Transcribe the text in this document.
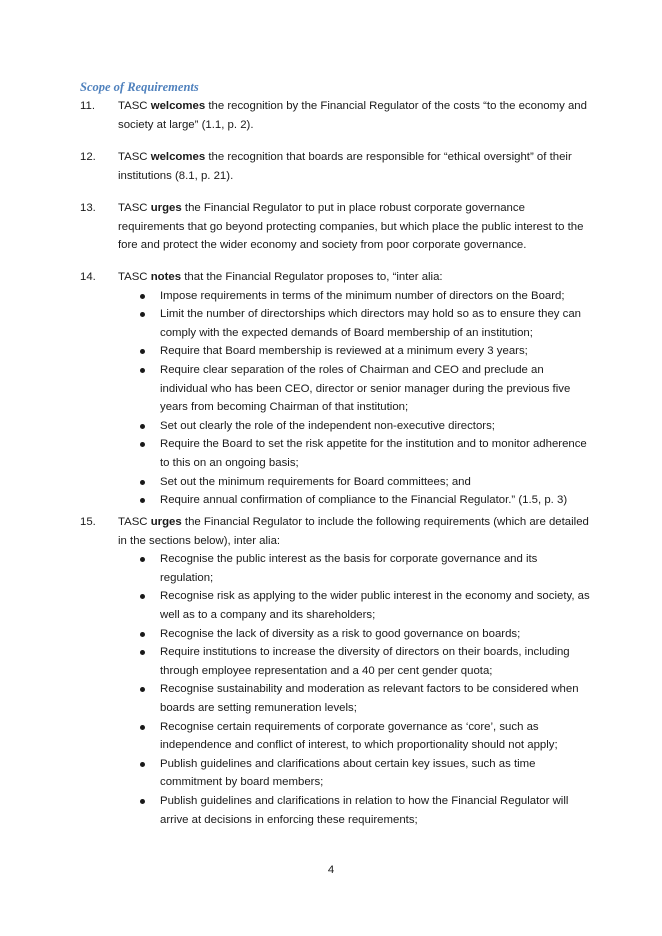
Scope of Requirements
11.	TASC welcomes the recognition by the Financial Regulator of the costs “to the economy and society at large” (1.1, p. 2).
12.	TASC welcomes the recognition that boards are responsible for “ethical oversight” of their institutions (8.1, p. 21).
13.	TASC urges the Financial Regulator to put in place robust corporate governance requirements that go beyond protecting companies, but which place the public interest to the fore and protect the wider economy and society from poor corporate governance.
14.	TASC notes that the Financial Regulator proposes to, “inter alia:
Impose requirements in terms of the minimum number of directors on the Board;
Limit the number of directorships which directors may hold so as to ensure they can comply with the expected demands of Board membership of an institution;
Require that Board membership is reviewed at a minimum every 3 years;
Require clear separation of the roles of Chairman and CEO and preclude an individual who has been CEO, director or senior manager during the previous five years from becoming Chairman of that institution;
Set out clearly the role of the independent non-executive directors;
Require the Board to set the risk appetite for the institution and to monitor adherence to this on an ongoing basis;
Set out the minimum requirements for Board committees; and
Require annual confirmation of compliance to the Financial Regulator.” (1.5, p. 3)
15.	TASC urges the Financial Regulator to include the following requirements (which are detailed in the sections below), inter alia:
Recognise the public interest as the basis for corporate governance and its regulation;
Recognise risk as applying to the wider public interest in the economy and society, as well as to a company and its shareholders;
Recognise the lack of diversity as a risk to good governance on boards;
Require institutions to increase the diversity of directors on their boards, including through employee representation and a 40 per cent gender quota;
Recognise sustainability and moderation as relevant factors to be considered when boards are setting remuneration levels;
Recognise certain requirements of corporate governance as ‘core’, such as independence and conflict of interest, to which proportionality should not apply;
Publish guidelines and clarifications about certain key issues, such as time commitment by board members;
Publish guidelines and clarifications in relation to how the Financial Regulator will arrive at decisions in enforcing these requirements;
4
